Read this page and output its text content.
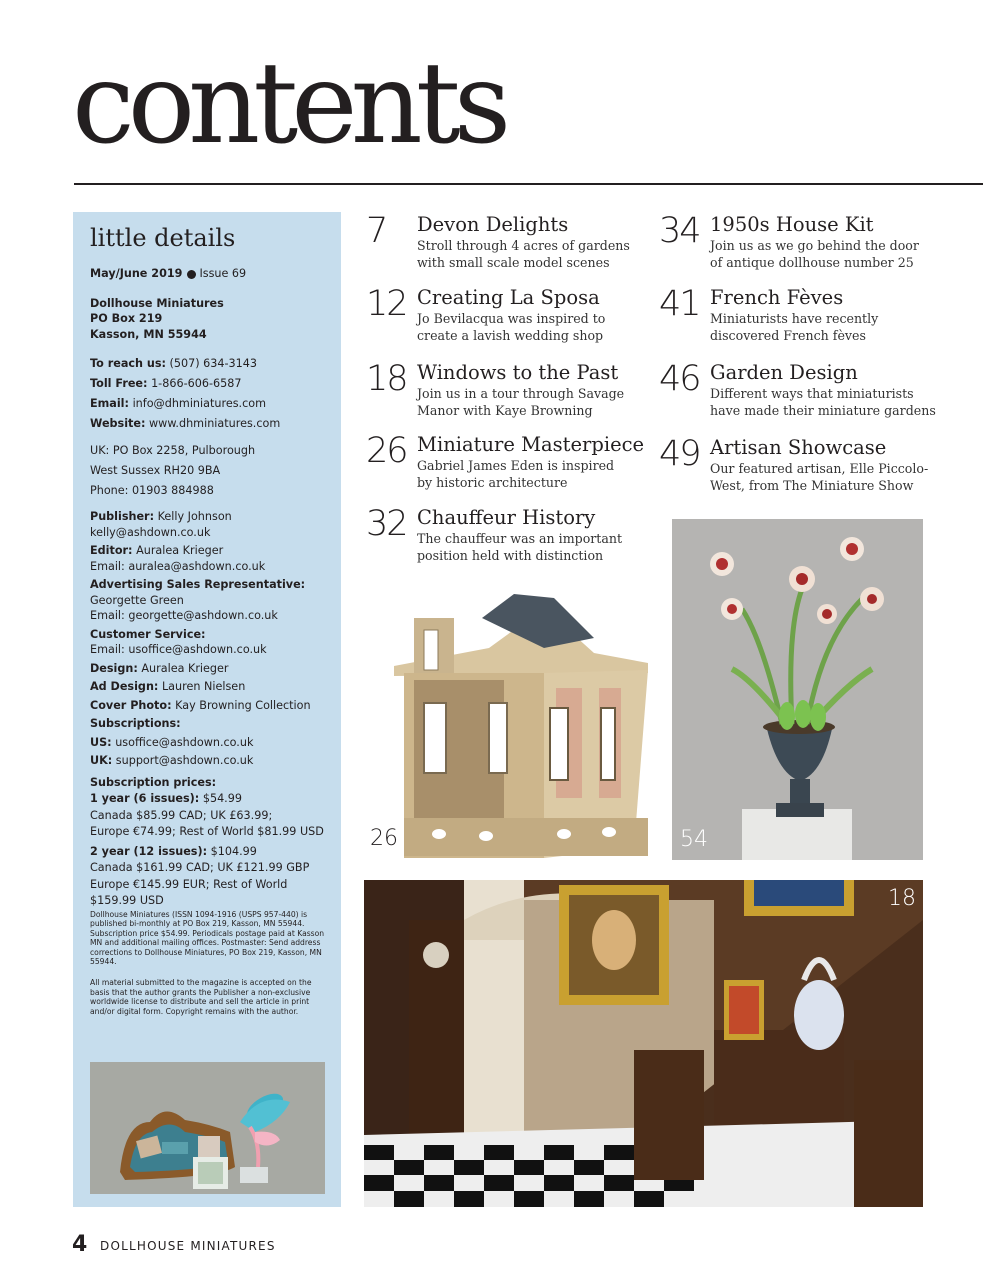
contents
little details
May/June 2019 Issue 69
Dollhouse Miniatures
PO Box 219
Kasson, MN 55944
To reach us: (507) 634-3143
Toll Free: 1-866-606-6587
Email: info@dhminiatures.com
Website: www.dhminiatures.com
UK: PO Box 2258, Pulborough
West Sussex RH20 9BA
Phone: 01903 884988
Publisher: Kelly Johnson
kelly@ashdown.co.uk
Editor: Auralea Krieger
Email: auralea@ashdown.co.uk
Advertising Sales Representative:
Georgette Green
Email: georgette@ashdown.co.uk
Customer Service:
Email: usoffice@ashdown.co.uk
Design: Auralea Krieger
Ad Design: Lauren Nielsen
Cover Photo: Kay Browning Collection
Subscriptions:
US: usoffice@ashdown.co.uk
UK: support@ashdown.co.uk
Subscription prices:
1 year (6 issues): $54.99
Canada $85.99 CAD; UK £63.99;
Europe €74.99; Rest of World $81.99 USD
2 year (12 issues): $104.99
Canada $161.99 CAD; UK £121.99 GBP
Europe €145.99 EUR; Rest of World
$159.99 USD

Dollhouse Miniatures (ISSN 1094-1916 (USPS 957-440) is published bi-monthly at PO Box 219, Kasson, MN 55944. Subscription price $54.99. Periodicals postage paid at Kasson MN and additional mailing offices. Postmaster: Send address corrections to Dollhouse Miniatures, PO Box 219, Kasson, MN 55944.

All material submitted to the magazine is accepted on the basis that the author grants the Publisher a non-exclusive worldwide license to distribute and sell the article in print and/or digital form. Copyright remains with the author.

7 Devon Delights
Stroll through 4 acres of gardens
with small scale model scenes
12 Creating La Sposa
Jo Bevilacqua was inspired to
create a lavish wedding shop
18 Windows to the Past
Join us in a tour through Savage
Manor with Kaye Browning
26 Miniature Masterpiece
Gabriel James Eden is inspired
by historic architecture
32 Chauffeur History
The chauffeur was an important
position held with distinction
34 1950s House Kit
Join us as we go behind the door
of antique dollhouse number 25
41 French Fèves
Miniaturists have recently
discovered French fèves
46 Garden Design
Different ways that miniaturists
have made their miniature gardens
49 Artisan Showcase
Our featured artisan, Elle Piccolo-
West, from The Miniature Show
26	54
18
4 DOLLHOUSE MINIATURES
